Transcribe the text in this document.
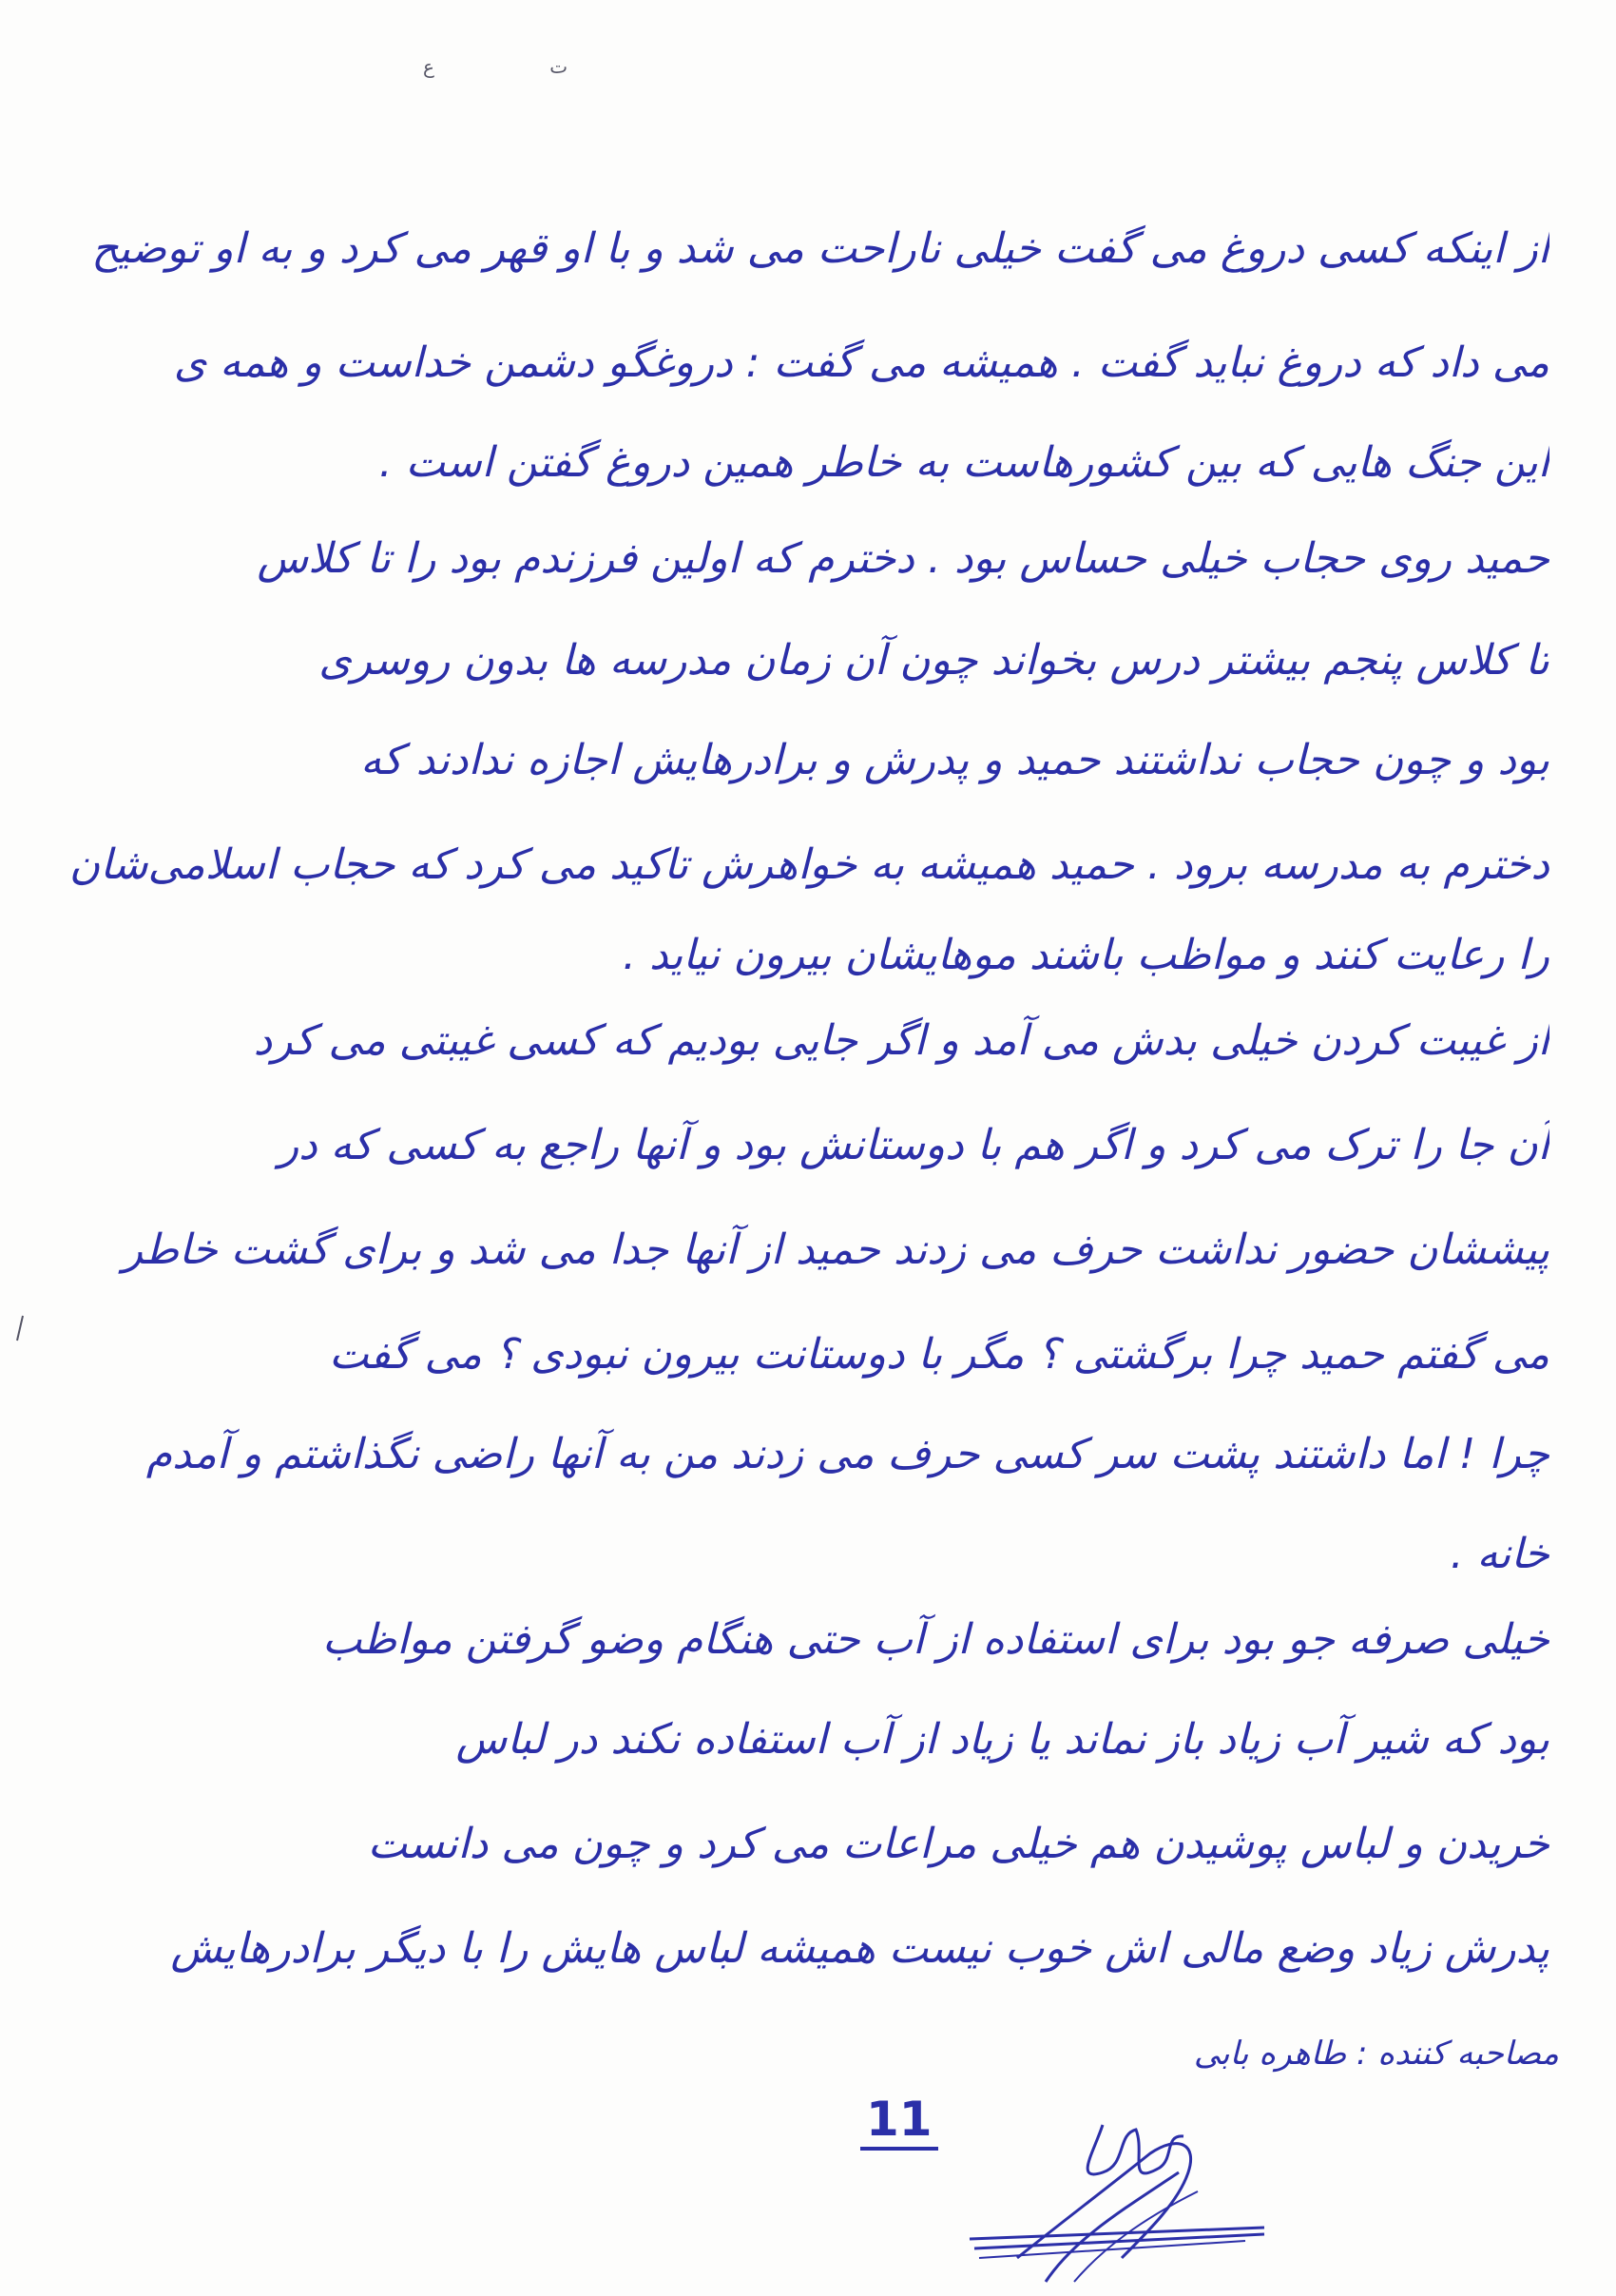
ت ع
از اینکه کسی دروغ می گفت خیلی ناراحت می شد و با او قهر می کرد و به او توضیح
می داد که دروغ نباید گفت . همیشه می گفت : دروغگو دشمن خداست و همه ی
این جنگ هایی که بین کشورهاست به خاطر همین دروغ گفتن است .
حمید روی حجاب خیلی حساس بود . دخترم که اولین فرزندم بود را تا کلاس
تا کلاس پنجم بیشتر درس بخواند چون آن زمان مدرسه ها بدون روسری
بود و چون حجاب نداشتند حمید و پدرش و برادرهایش اجازه ندادند که
دخترم به مدرسه برود . حمید همیشه به خواهرش تاکید می کرد که حجاب اسلامی‌شان
را رعایت کنند و مواظب باشند موهایشان بیرون نیاید .
از غیبت کردن خیلی بدش می آمد و اگر جایی بودیم که کسی غیبتی می کرد
آن جا را ترک می کرد و اگر هم با دوستانش بود و آنها راجع به کسی که در
پیششان حضور نداشت حرف می زدند حمید از آنها جدا می شد و برای گشت خاطر
می گفتم حمید چرا برگشتی ؟ مگر با دوستانت بیرون نبودی ؟ می گفت
چرا ! اما داشتند پشت سر کسی حرف می زدند من به آنها راضی نگذاشتم و آمدم
خانه .
خیلی صرفه جو بود برای استفاده از آب حتی هنگام وضو گرفتن مواظب
بود که شیر آب زیاد باز نماند یا زیاد از آب استفاده نکند در لباس
خریدن و لباس پوشیدن هم خیلی مراعات می کرد و چون می دانست
پدرش زیاد وضع مالی اش خوب نیست همیشه لباس هایش را با دیگر برادرهایش
مصاحبه کننده : طاهره بابی
11
